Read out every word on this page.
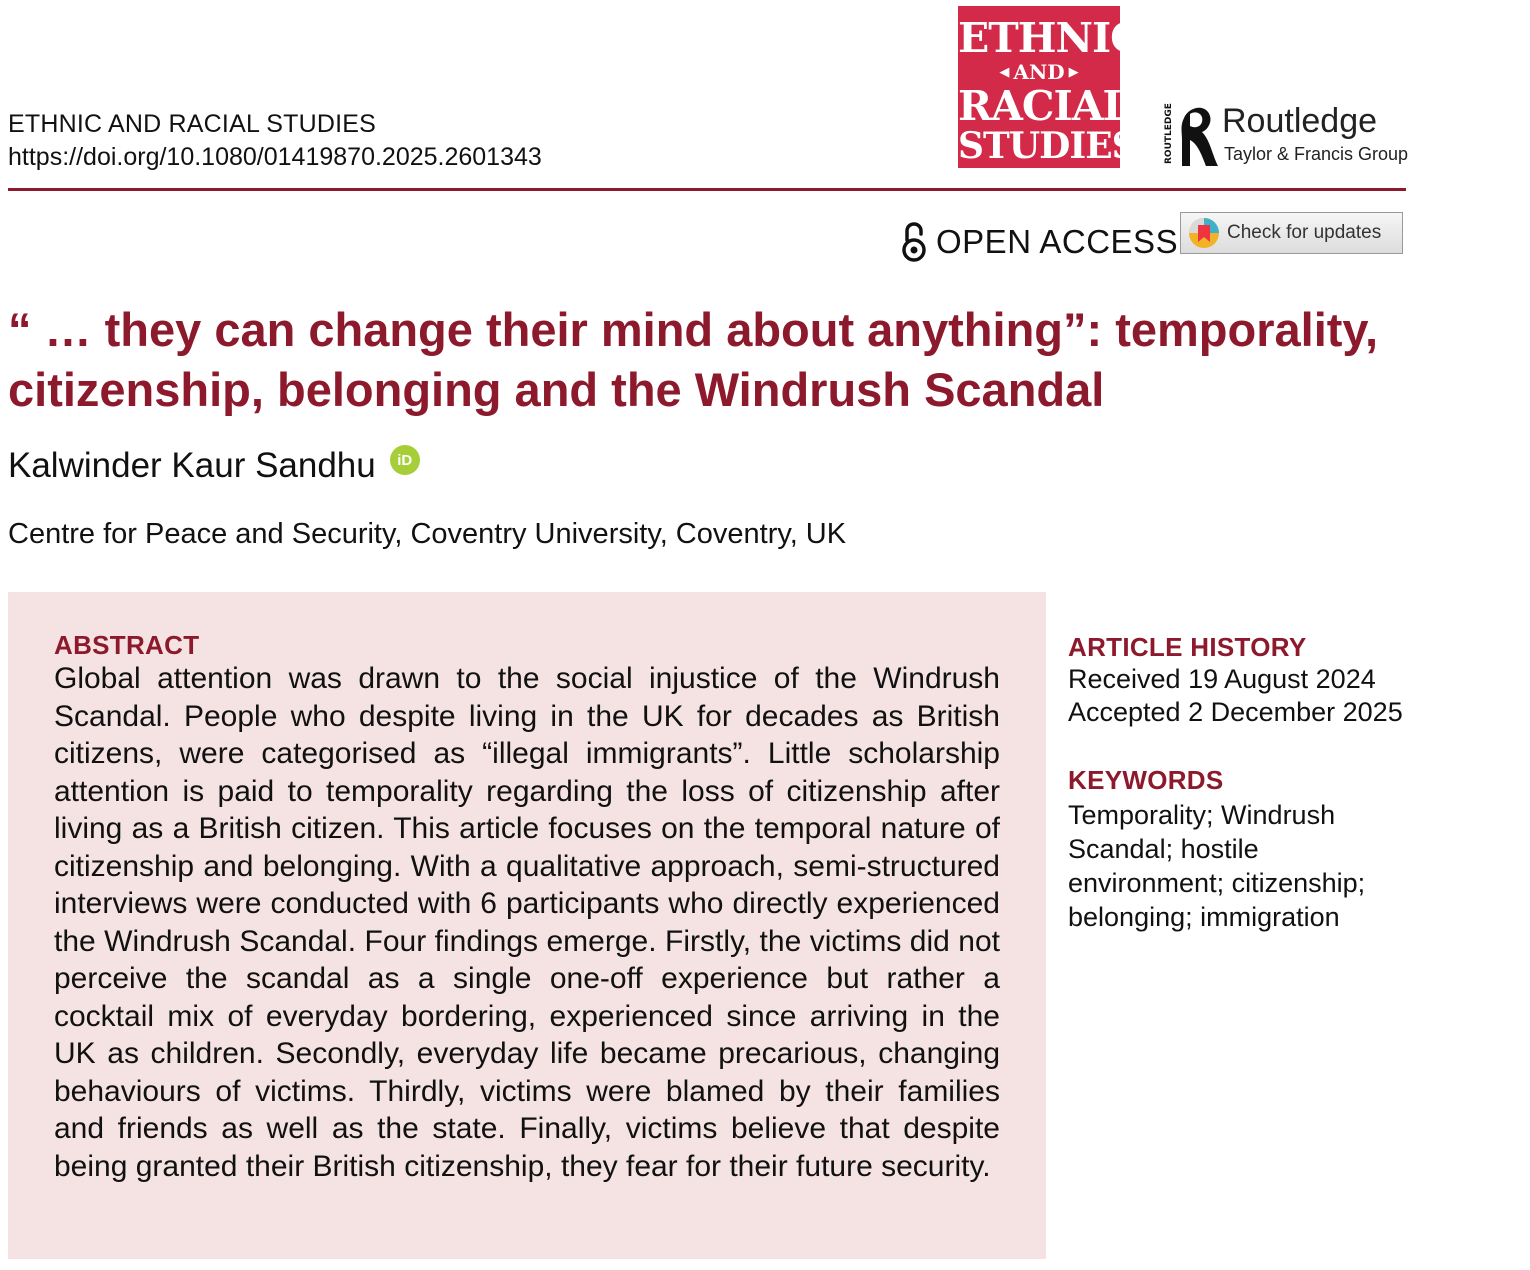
ETHNIC AND RACIAL STUDIES
https://doi.org/10.1080/01419870.2025.2601343
ETHNIC
◀ AND ▶
RACIAL
STUDIES	ROUTLEDGE Routledge
Taylor & Francis Group
OPEN ACCESS	Check for updates
“ … they can change their mind about anything”: temporality,
citizenship, belonging and the Windrush Scandal
Kalwinder Kaur Sandhu	iD
Centre for Peace and Security, Coventry University, Coventry, UK
ABSTRACT

Global attention was drawn to the social injustice of the Windrush Scandal. People who despite living in the UK for decades as British citizens, were categorised as “illegal immigrants”. Little scholarship attention is paid to temporality regarding the loss of citizenship after living as a British citizen. This article focuses on the temporal nature of citizenship and belonging. With a qualitative approach, semi-structured interviews were conducted with 6 participants who directly experienced the Windrush Scandal. Four findings emerge. Firstly, the victims did not perceive the scandal as a single one-off experience but rather a cocktail mix of everyday bordering, experienced since arriving in the UK as children. Secondly, everyday life became precarious, changing behaviours of victims. Thirdly, victims were blamed by their families and friends as well as the state. Finally, victims believe that despite being granted their British citizenship, they fear for their future security.

ARTICLE HISTORY
Received 19 August 2024
Accepted 2 December 2025
KEYWORDS
Temporality; Windrush Scandal; hostile environment; citizenship; belonging; immigration
